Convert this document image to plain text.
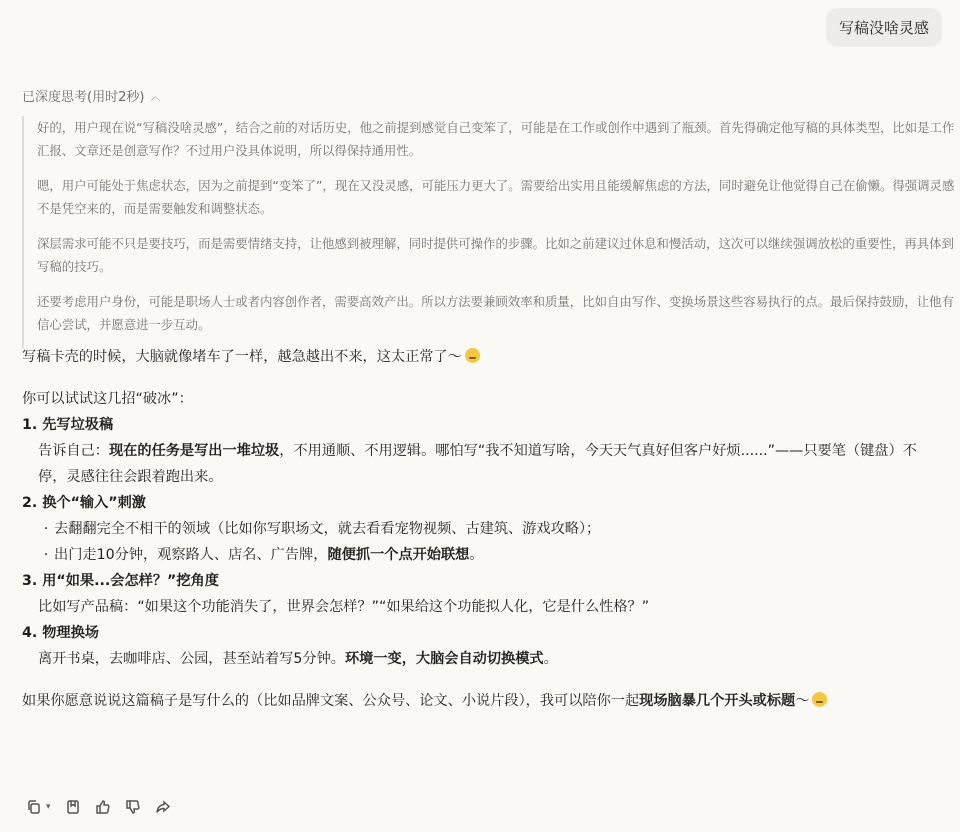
写稿没啥灵感
已深度思考(用时2秒) ︿

好的，用户现在说“写稿没啥灵感”，结合之前的对话历史，他之前提到感觉自己变笨了，可能是在工作或创作中遇到了瓶颈。首先得确定他写稿的具体类型，比如是工作汇报、文章还是创意写作？不过用户没具体说明，所以得保持通用性。

嗯，用户可能处于焦虑状态，因为之前提到“变笨了”，现在又没灵感，可能压力更大了。需要给出实用且能缓解焦虑的方法，同时避免让他觉得自己在偷懒。得强调灵感不是凭空来的，而是需要触发和调整状态。

深层需求可能不只是要技巧，而是需要情绪支持，让他感到被理解，同时提供可操作的步骤。比如之前建议过休息和慢活动，这次可以继续强调放松的重要性，再具体到写稿的技巧。

还要考虑用户身份，可能是职场人士或者内容创作者，需要高效产出。所以方法要兼顾效率和质量，比如自由写作、变换场景这些容易执行的点。最后保持鼓励，让他有信心尝试，并愿意进一步互动。

写稿卡壳的时候，大脑就像堵车了一样，越急越出不来，这太正常了～

你可以试试这几招“破冰”：

1. 先写垃圾稿

告诉自己：现在的任务是写出一堆垃圾，不用通顺、不用逻辑。哪怕写“我不知道写啥，今天天气真好但客户好烦......”——只要笔（键盘）不停，灵感往往会跟着跑出来。

2. 换个“输入”刺激

· 去翻翻完全不相干的领域（比如你写职场文，就去看看宠物视频、古建筑、游戏攻略）；

· 出门走10分钟，观察路人、店名、广告牌，随便抓一个点开始联想。

3. 用“如果...会怎样？”挖角度

比如写产品稿：“如果这个功能消失了，世界会怎样？”“如果给这个功能拟人化，它是什么性格？”

4. 物理换场

离开书桌，去咖啡店、公园，甚至站着写5分钟。环境一变，大脑会自动切换模式。

如果你愿意说说这篇稿子是写什么的（比如品牌文案、公众号、论文、小说片段），我可以陪你一起现场脑暴几个开头或标题～

▾
